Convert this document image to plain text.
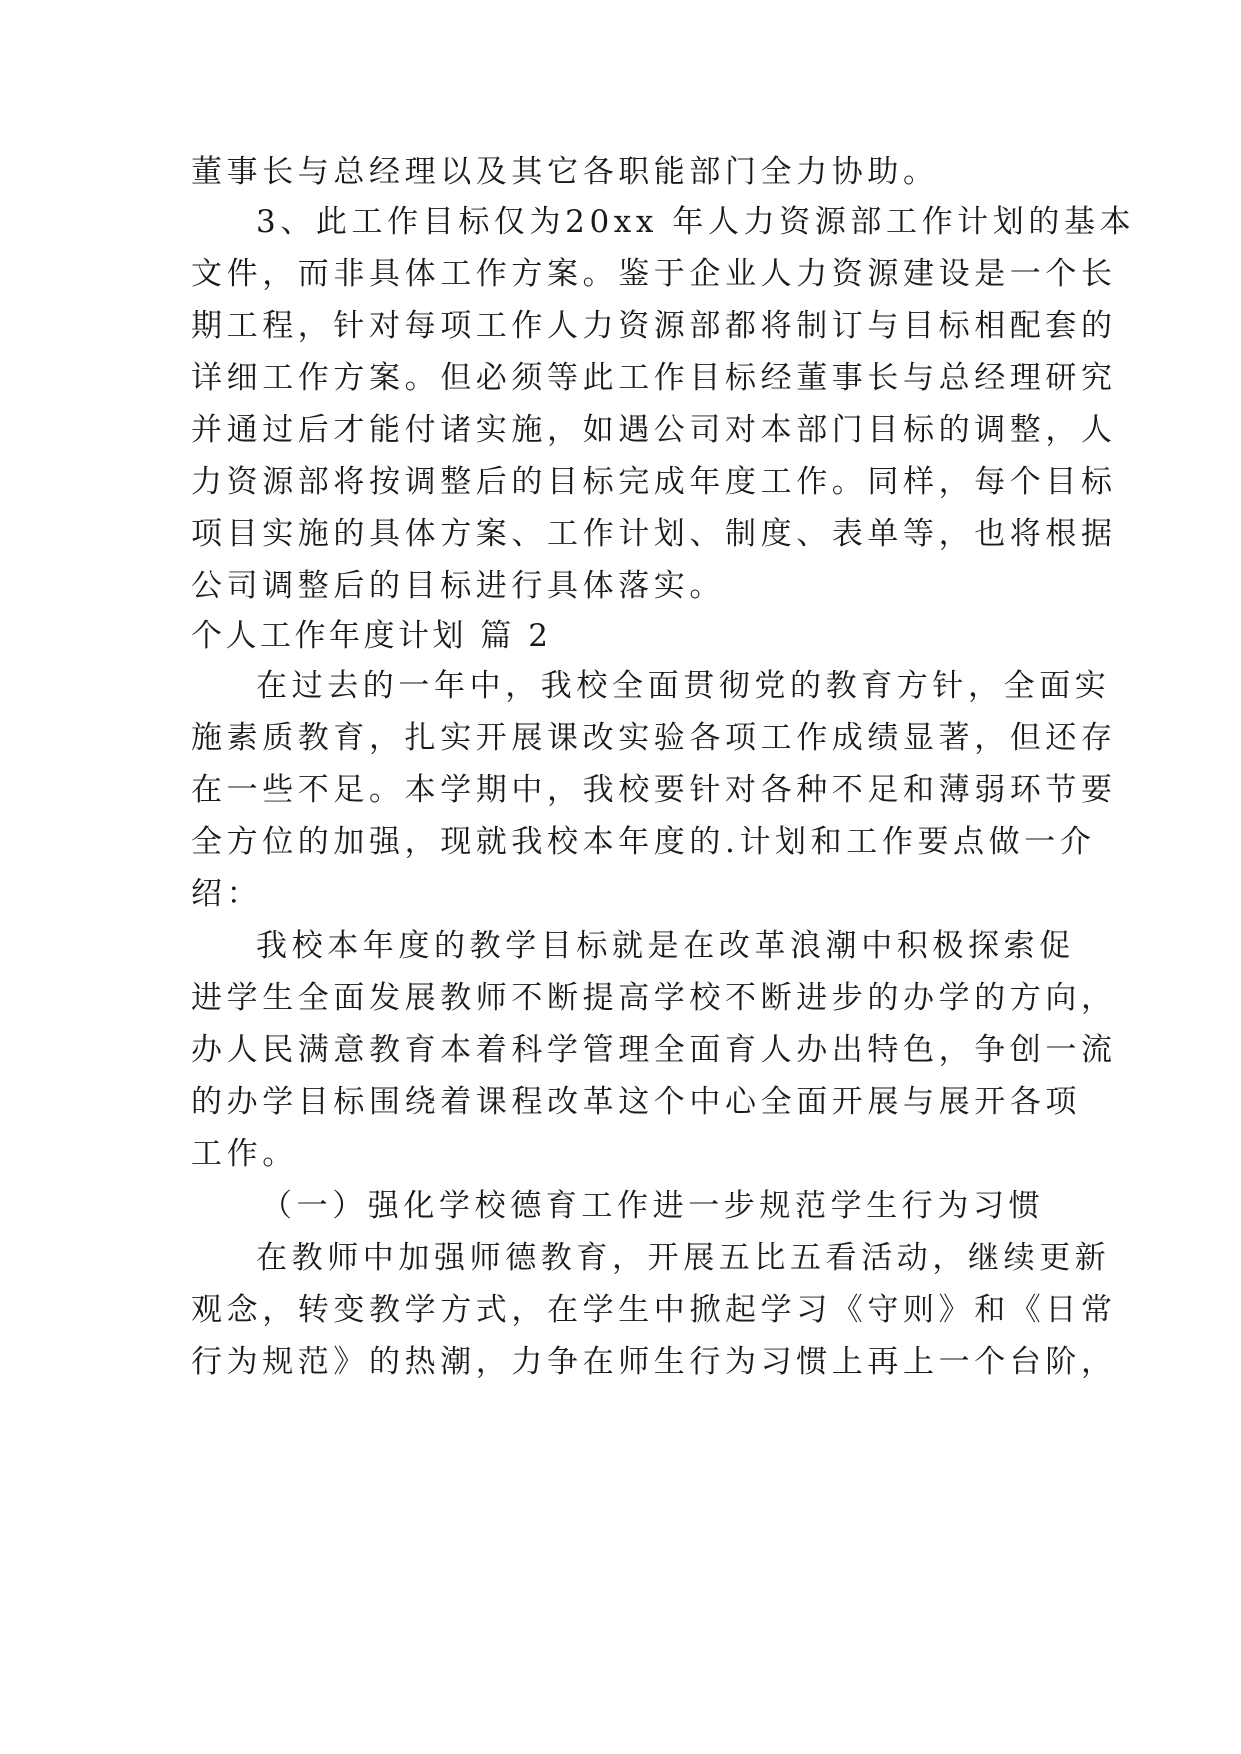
董事长与总经理以及其它各职能部门全力协助。
3、此工作目标仅为20xx 年人力资源部工作计划的基本
文件，而非具体工作方案。鉴于企业人力资源建设是一个长
期工程，针对每项工作人力资源部都将制订与目标相配套的
详细工作方案。但必须等此工作目标经董事长与总经理研究
并通过后才能付诸实施，如遇公司对本部门目标的调整，人
力资源部将按调整后的目标完成年度工作。同样，每个目标
项目实施的具体方案、工作计划、制度、表单等，也将根据
公司调整后的目标进行具体落实。
个人工作年度计划 篇 2
在过去的一年中，我校全面贯彻党的教育方针，全面实
施素质教育，扎实开展课改实验各项工作成绩显著，但还存
在一些不足。本学期中，我校要针对各种不足和薄弱环节要
全方位的加强，现就我校本年度的.计划和工作要点做一介
绍：
我校本年度的教学目标就是在改革浪潮中积极探索促
进学生全面发展教师不断提高学校不断进步的办学的方向，
办人民满意教育本着科学管理全面育人办出特色，争创一流
的办学目标围绕着课程改革这个中心全面开展与展开各项
工作。
（一）强化学校德育工作进一步规范学生行为习惯
在教师中加强师德教育，开展五比五看活动，继续更新
观念，转变教学方式，在学生中掀起学习《守则》和《日常
行为规范》的热潮，力争在师生行为习惯上再上一个台阶，
